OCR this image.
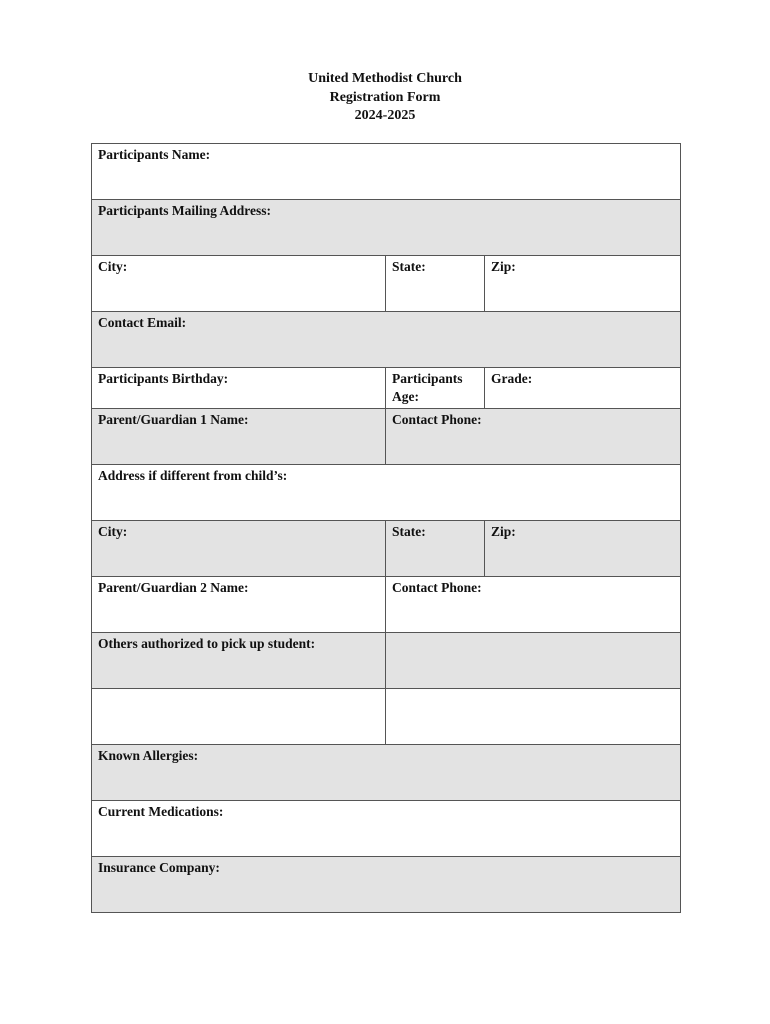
United Methodist Church
Registration Form
2024-2025
Participants Name:		

Participants Mailing Address:		

City:	State:	Zip:

Contact Email:		

Participants Birthday:	Participants Age:	Grade:

Parent/Guardian 1 Name:	Contact Phone:	

Address if different from child’s:		

City:	State:	Zip:

Parent/Guardian 2 Name:	Contact Phone:	

Others authorized to pick up student:		

Known Allergies:		

Current Medications:		

Insurance Company:		
